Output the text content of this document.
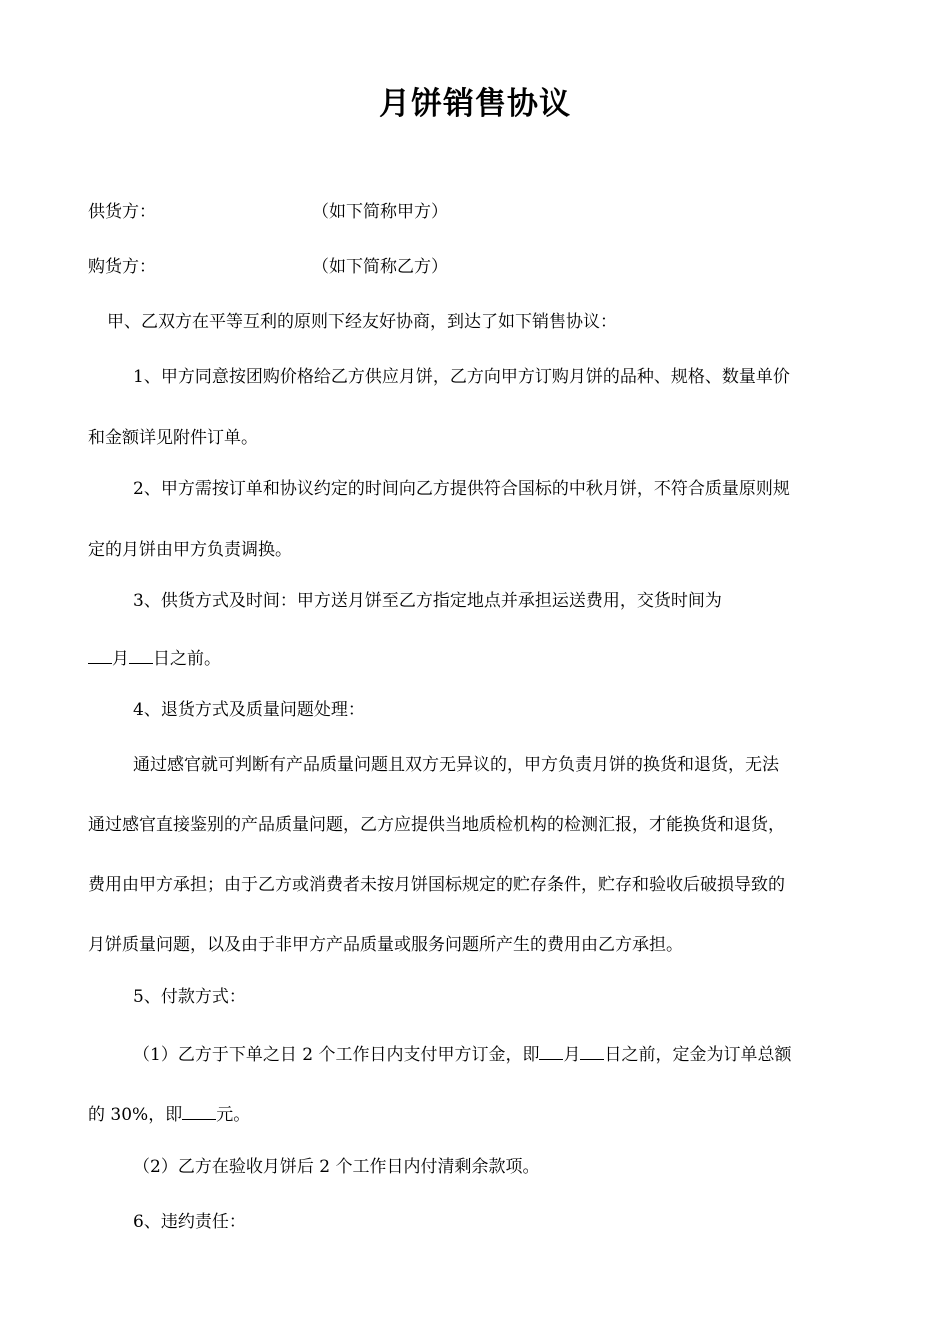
月饼销售协议
供货方：	（如下简称甲方）
购货方：	（如下简称乙方）
甲、乙双方在平等互利的原则下经友好协商，到达了如下销售协议：
1、甲方同意按团购价格给乙方供应月饼，乙方向甲方订购月饼的品种、规格、数量单价
和金额详见附件订单。
2、甲方需按订单和协议约定的时间向乙方提供符合国标的中秋月饼，不符合质量原则规
定的月饼由甲方负责调换。
3、供货方式及时间：甲方送月饼至乙方指定地点并承担运送费用，交货时间为
月 日之前。
4、退货方式及质量问题处理：
通过感官就可判断有产品质量问题且双方无异议的，甲方负责月饼的换货和退货，无法
通过感官直接鉴别的产品质量问题，乙方应提供当地质检机构的检测汇报，才能换货和退货，
费用由甲方承担；由于乙方或消费者未按月饼国标规定的贮存条件，贮存和验收后破损导致的
月饼质量问题，以及由于非甲方产品质量或服务问题所产生的费用由乙方承担。
5、付款方式：
（1）乙方于下单之日 2 个工作日内支付甲方订金，即 月 日之前，定金为订单总额
的 30%，即 元。
（2）乙方在验收月饼后 2 个工作日内付清剩余款项。
6、违约责任：
